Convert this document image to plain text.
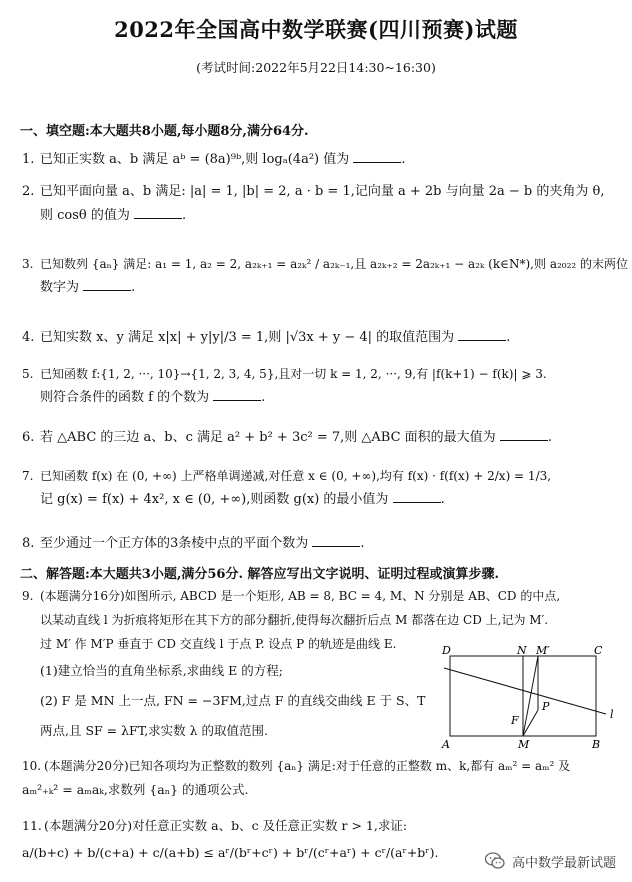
2022年全国高中数学联赛(四川预赛)试题
(考试时间:2022年5月22日14:30~16:30)
一、填空题:本大题共8小题,每小题8分,满分64分.
1. 已知正实数 a、b 满足 aᵇ = (8a)⁹ᵇ,则 logₐ(4a²) 值为	.
2. 已知平面向量 a、b 满足: |a| = 1, |b| = 2, a · b = 1,记向量 a + 2b 与向量 2a − b 的夹角为 θ,
则 cosθ 的值为	.
3. 已知数列 {aₙ} 满足: a₁ = 1, a₂ = 2, a₂ₖ₊₁ = a₂ₖ² / a₂ₖ₋₁,且 a₂ₖ₊₂ = 2a₂ₖ₊₁ − a₂ₖ (k∈N*),则 a₂₀₂₂ 的末两位
数字为	.
4. 已知实数 x、y 满足 x|x| + y|y|/3 = 1,则 |√3x + y − 4| 的取值范围为	.
5. 已知函数 f:{1, 2, ···, 10}→{1, 2, 3, 4, 5},且对一切 k = 1, 2, ···, 9,有 |f(k+1) − f(k)| ⩾ 3.
则符合条件的函数 f 的个数为	.
6. 若 △ABC 的三边 a、b、c 满足 a² + b² + 3c² = 7,则 △ABC 面积的最大值为	.
7. 已知函数 f(x) 在 (0, +∞) 上严格单调递减,对任意 x ∈ (0, +∞),均有 f(x) · f(f(x) + 2/x) = 1/3,
记 g(x) = f(x) + 4x², x ∈ (0, +∞),则函数 g(x) 的最小值为	.
8. 至少通过一个正方体的3条棱中点的平面个数为	.
二、解答题:本大题共3小题,满分56分. 解答应写出文字说明、证明过程或演算步骤.
9. (本题满分16分)如图所示, ABCD 是一个矩形, AB = 8, BC = 4, M、N 分别是 AB、CD 的中点,
以某动直线 l 为折痕将矩形在其下方的部分翻折,使得每次翻折后点 M 都落在边 CD 上,记为 M′.
过 M′ 作 M′P 垂直于 CD 交直线 l 于点 P. 设点 P 的轨迹是曲线 E.
(1)建立恰当的直角坐标系,求曲线 E 的方程;
(2) F 是 MN 上一点, FN = −3FM,过点 F 的直线交曲线 E 于 S、T
两点,且 SF = λFT,求实数 λ 的取值范围.
D	N M′	C
P
F	l
A	M	B
10. (本题满分20分)已知各项均为正整数的数列 {aₙ} 满足:对于任意的正整数 m、k,都有 aₘ² = aₘ² 及
aₘ²₊ₖ² = aₘaₖ,求数列 {aₙ} 的通项公式.
11. (本题满分20分)对任意正实数 a、b、c 及任意正实数 r > 1,求证:
a/(b+c) + b/(c+a) + c/(a+b) ≤ aʳ/(bʳ+cʳ) + bʳ/(cʳ+aʳ) + cʳ/(aʳ+bʳ).
高中数学最新试题
